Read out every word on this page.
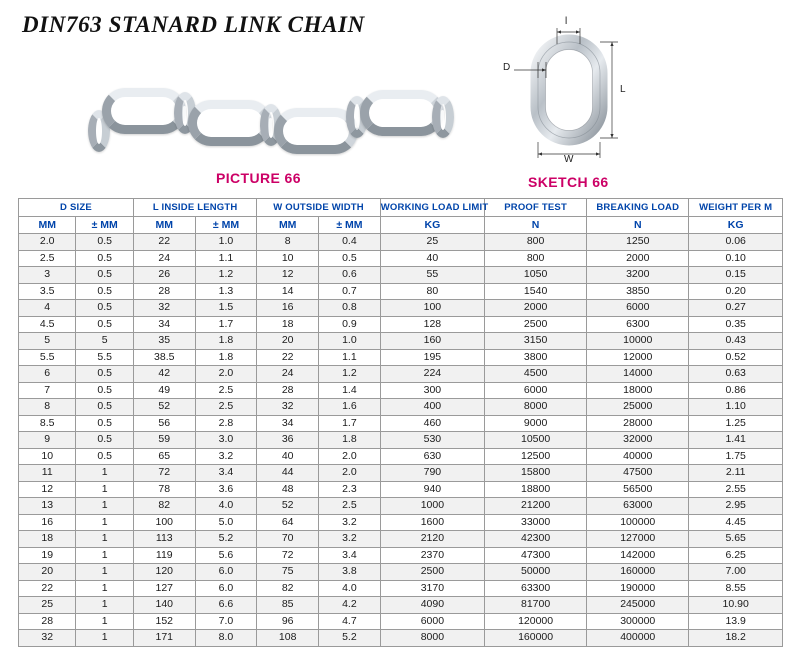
DIN763 STANARD LINK CHAIN	l
D
L
W
PICTURE 66	SKETCH 66
D SIZE		L INSIDE LENGTH		W OUTSIDE WIDTH		WORKING LOAD LIMIT	PROOF TEST	BREAKING LOAD	WEIGHT PER M
MM	± MM	MM	± MM	MM	± MM	KG	N	N	KG
2.0	0.5	22	1.0	8	0.4	25	800	1250	0.06
2.5	0.5	24	1.1	10	0.5	40	800	2000	0.10
3	0.5	26	1.2	12	0.6	55	1050	3200	0.15
3.5	0.5	28	1.3	14	0.7	80	1540	3850	0.20
4	0.5	32	1.5	16	0.8	100	2000	6000	0.27
4.5	0.5	34	1.7	18	0.9	128	2500	6300	0.35
5	5	35	1.8	20	1.0	160	3150	10000	0.43
5.5	5.5	38.5	1.8	22	1.1	195	3800	12000	0.52
6	0.5	42	2.0	24	1.2	224	4500	14000	0.63
7	0.5	49	2.5	28	1.4	300	6000	18000	0.86
8	0.5	52	2.5	32	1.6	400	8000	25000	1.10
8.5	0.5	56	2.8	34	1.7	460	9000	28000	1.25
9	0.5	59	3.0	36	1.8	530	10500	32000	1.41
10	0.5	65	3.2	40	2.0	630	12500	40000	1.75
11	1	72	3.4	44	2.0	790	15800	47500	2.11
12	1	78	3.6	48	2.3	940	18800	56500	2.55
13	1	82	4.0	52	2.5	1000	21200	63000	2.95
16	1	100	5.0	64	3.2	1600	33000	100000	4.45
18	1	113	5.2	70	3.2	2120	42300	127000	5.65
19	1	119	5.6	72	3.4	2370	47300	142000	6.25
20	1	120	6.0	75	3.8	2500	50000	160000	7.00
22	1	127	6.0	82	4.0	3170	63300	190000	8.55
25	1	140	6.6	85	4.2	4090	81700	245000	10.90
28	1	152	7.0	96	4.7	6000	120000	300000	13.9
32	1	171	8.0	108	5.2	8000	160000	400000	18.2
